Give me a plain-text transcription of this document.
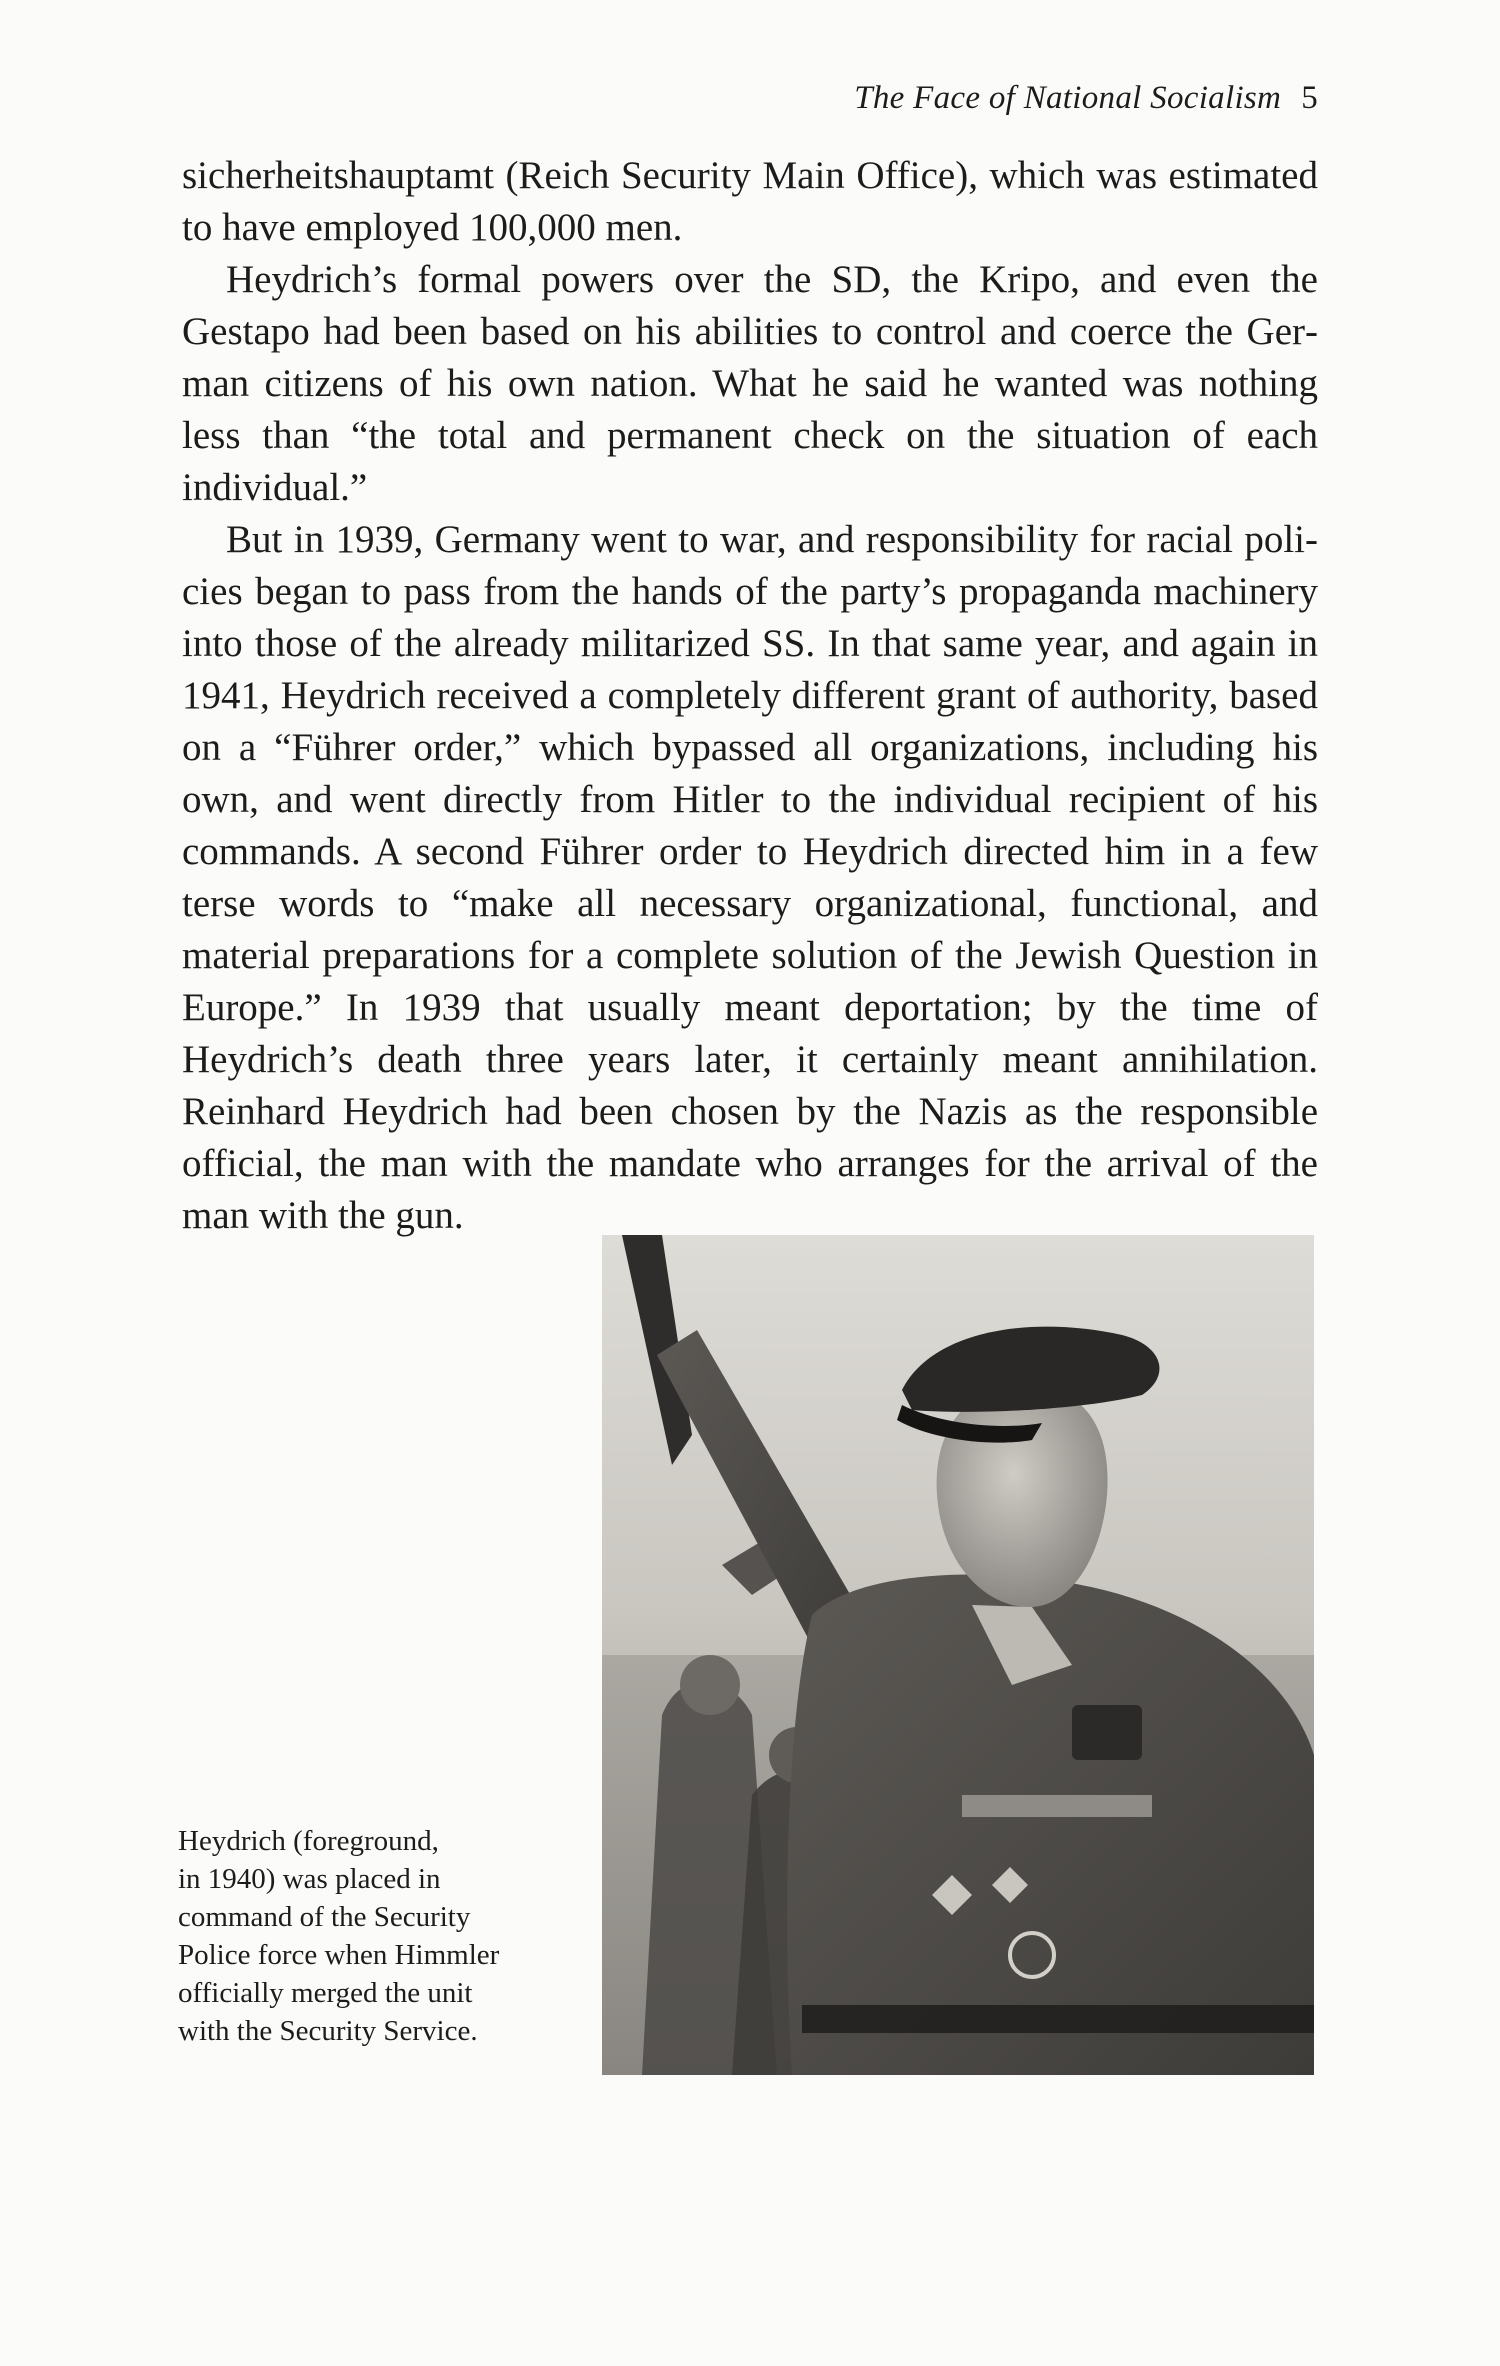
The Face of National Socialism 5

sicherheitshauptamt (Reich Security Main Office), which was estimated to have employed 100,000 men.

Heydrich’s formal powers over the SD, the Kripo, and even the Gestapo had been based on his abilities to control and coerce the German citizens of his own nation. What he said he wanted was nothing less than “the total and permanent check on the situation of each individual.”

But in 1939, Germany went to war, and responsibility for racial policies began to pass from the hands of the party’s propaganda machinery into those of the already militarized SS. In that same year, and again in 1941, Heydrich received a completely different grant of authority, based on a “Führer order,” which bypassed all organizations, including his own, and went directly from Hitler to the individual recipient of his commands. A second Führer order to Heydrich directed him in a few terse words to “make all necessary organizational, functional, and material preparations for a complete solution of the Jewish Question in Europe.” In 1939 that usually meant deportation; by the time of Heydrich’s death three years later, it certainly meant annihilation. Reinhard Heydrich had been chosen by the Nazis as the responsible official, the man with the mandate who arranges for the arrival of the man with the gun.

Heydrich (foreground,
in 1940) was placed in
command of the Security
Police force when Himmler
officially merged the unit
with the Security Service.
